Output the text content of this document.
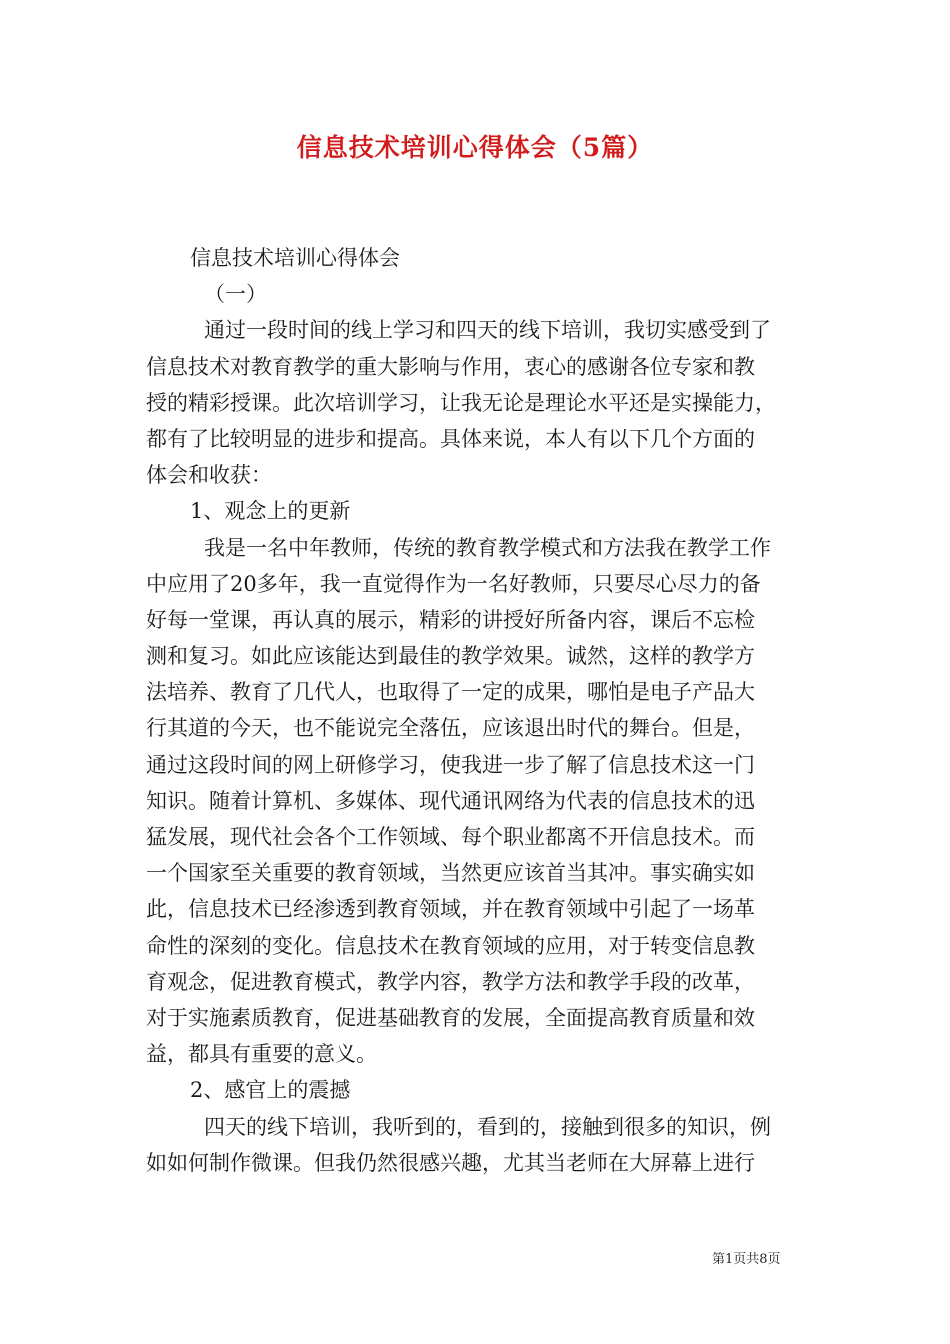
信息技术培训心得体会（5篇）
信息技术培训心得体会
（一）
通过一段时间的线上学习和四天的线下培训，我切实感受到了
信息技术对教育教学的重大影响与作用，衷心的感谢各位专家和教
授的精彩授课。此次培训学习，让我无论是理论水平还是实操能力，
都有了比较明显的进步和提高。具体来说，本人有以下几个方面的
体会和收获：
1、观念上的更新
我是一名中年教师，传统的教育教学模式和方法我在教学工作
中应用了20多年，我一直觉得作为一名好教师，只要尽心尽力的备
好每一堂课，再认真的展示，精彩的讲授好所备内容，课后不忘检
测和复习。如此应该能达到最佳的教学效果。诚然，这样的教学方
法培养、教育了几代人，也取得了一定的成果，哪怕是电子产品大
行其道的今天，也不能说完全落伍，应该退出时代的舞台。但是，
通过这段时间的网上研修学习，使我进一步了解了信息技术这一门
知识。随着计算机、多媒体、现代通讯网络为代表的信息技术的迅
猛发展，现代社会各个工作领域、每个职业都离不开信息技术。而
一个国家至关重要的教育领域，当然更应该首当其冲。事实确实如
此，信息技术已经渗透到教育领域，并在教育领域中引起了一场革
命性的深刻的变化。信息技术在教育领域的应用，对于转变信息教
育观念，促进教育模式，教学内容，教学方法和教学手段的改革，
对于实施素质教育，促进基础教育的发展，全面提高教育质量和效
益，都具有重要的意义。
2、感官上的震撼
四天的线下培训，我听到的，看到的，接触到很多的知识，例
如如何制作微课。但我仍然很感兴趣，尤其当老师在大屏幕上进行
第1页共8页
